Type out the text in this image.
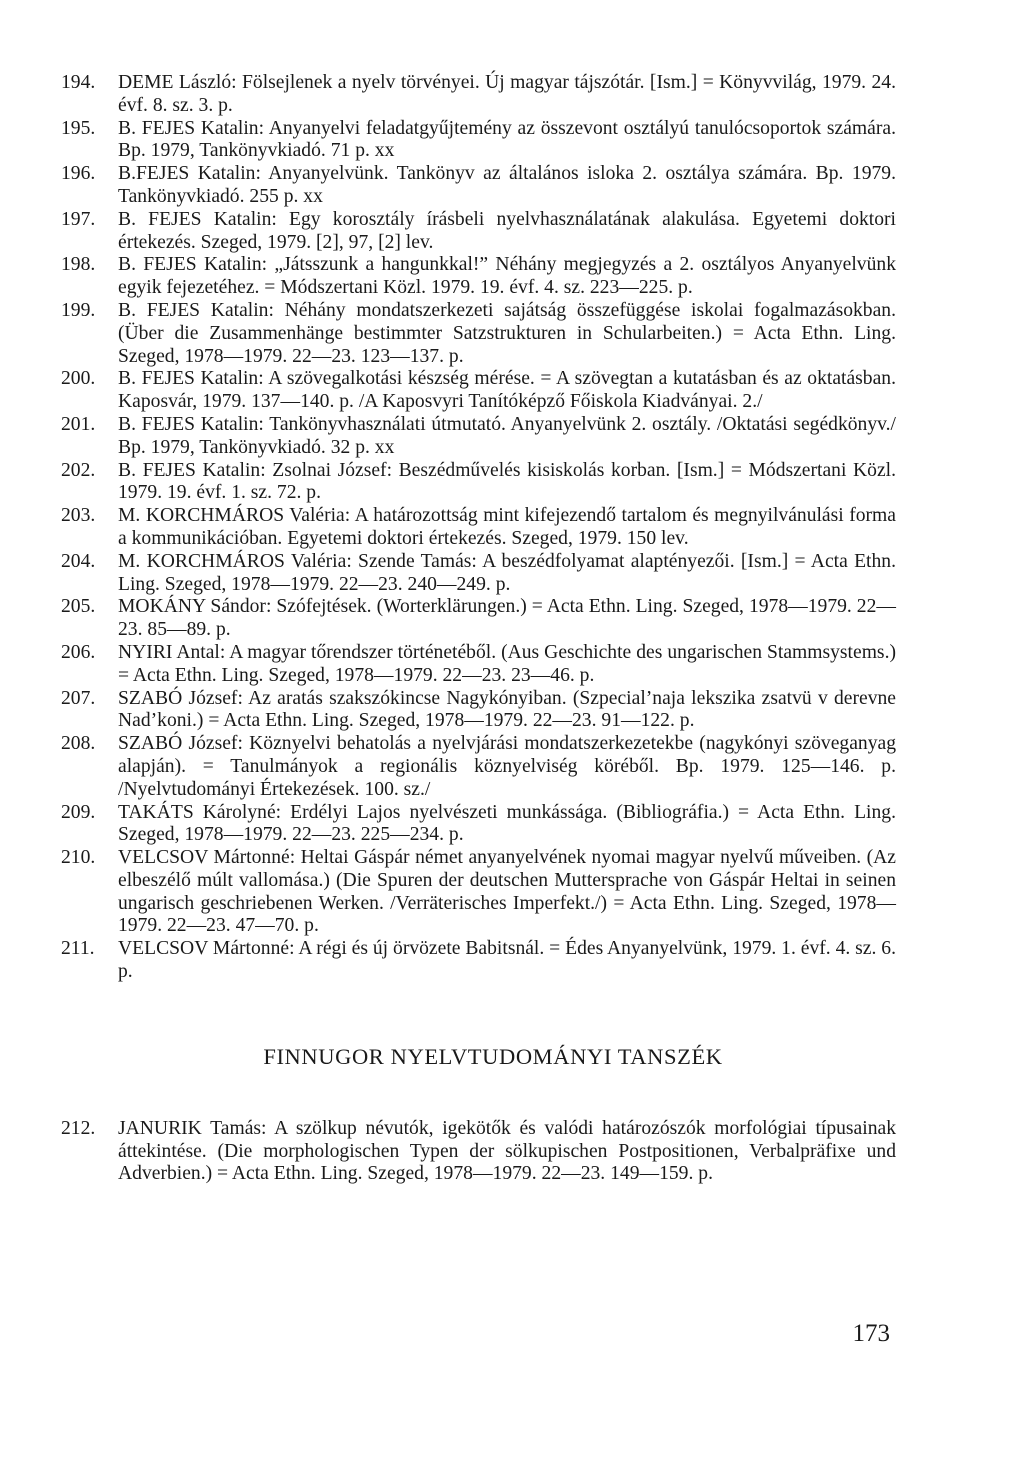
194.	DEME László: Fölsejlenek a nyelv törvényei. Új magyar tájszótár. [Ism.] = Könyvvilág, 1979. 24. évf. 8. sz. 3. p.

195.	B. FEJES Katalin: Anyanyelvi feladatgyűjtemény az összevont osztályú tanulócsoportok számára. Bp. 1979, Tankönyvkiadó. 71 p. xx

196.	B.FEJES Katalin: Anyanyelvünk. Tankönyv az általános isloka 2. osztálya számára. Bp. 1979. Tankönyvkiadó. 255 p. xx

197.	B. FEJES Katalin: Egy korosztály írásbeli nyelvhasználatának alakulása. Egyetemi doktori értekezés. Szeged, 1979. [2], 97, [2] lev.

198.	B. FEJES Katalin: „Játsszunk a hangunkkal!” Néhány megjegyzés a 2. osztályos Anyanyelvünk egyik fejezetéhez. = Módszertani Közl. 1979. 19. évf. 4. sz. 223—225. p.

199.	B. FEJES Katalin: Néhány mondatszerkezeti sajátság összefüggése iskolai fogalmazásokban. (Über die Zusammenhänge bestimmter Satzstrukturen in Schularbeiten.) = Acta Ethn. Ling. Szeged, 1978—1979. 22—23. 123—137. p.

200.	B. FEJES Katalin: A szövegalkotási készség mérése. = A szövegtan a kutatásban és az oktatásban. Kaposvár, 1979. 137—140. p. /A Kaposvyri Tanítóképző Főiskola Kiadványai. 2./

201.	B. FEJES Katalin: Tankönyvhasználati útmutató. Anyanyelvünk 2. osztály. /Oktatási segédkönyv./ Bp. 1979, Tankönyvkiadó. 32 p. xx

202.	B. FEJES Katalin: Zsolnai József: Beszédművelés kisiskolás korban. [Ism.] = Módszertani Közl. 1979. 19. évf. 1. sz. 72. p.

203.	M. KORCHMÁROS Valéria: A határozottság mint kifejezendő tartalom és megnyilvánulási forma a kommunikációban. Egyetemi doktori értekezés. Szeged, 1979. 150 lev.

204.	M. KORCHMÁROS Valéria: Szende Tamás: A beszédfolyamat alaptényezői. [Ism.] = Acta Ethn. Ling. Szeged, 1978—1979. 22—23. 240—249. p.

205.	MOKÁNY Sándor: Szófejtések. (Worterklärungen.) = Acta Ethn. Ling. Szeged, 1978—1979. 22—23. 85—89. p.

206.	NYIRI Antal: A magyar tőrendszer történetéből. (Aus Geschichte des ungarischen Stammsystems.) = Acta Ethn. Ling. Szeged, 1978—1979. 22—23. 23—46. p.

207.	SZABÓ József: Az aratás szakszókincse Nagykónyiban. (Szpecial’naja lekszika zsatvü v derevne Nad’koni.) = Acta Ethn. Ling. Szeged, 1978—1979. 22—23. 91—122. p.

208.	SZABÓ József: Köznyelvi behatolás a nyelvjárási mondatszerkezetekbe (nagykónyi szöveganyag alapján). = Tanulmányok a regionális köznyelviség köréből. Bp. 1979. 125—146. p. /Nyelvtudományi Értekezések. 100. sz./

209.	TAKÁTS Károlyné: Erdélyi Lajos nyelvészeti munkássága. (Bibliográfia.) = Acta Ethn. Ling. Szeged, 1978—1979. 22—23. 225—234. p.

210.	VELCSOV Mártonné: Heltai Gáspár német anyanyelvének nyomai magyar nyelvű műveiben. (Az elbeszélő múlt vallomása.) (Die Spuren der deutschen Muttersprache von Gáspár Heltai in seinen ungarisch geschriebenen Werken. /Verräterisches Imperfekt./) = Acta Ethn. Ling. Szeged, 1978—1979. 22—23. 47—70. p.

211.	VELCSOV Mártonné: A régi és új örvözete Babitsnál. = Édes Anyanyelvünk, 1979. 1. évf. 4. sz. 6. p.

FINNUGOR NYELVTUDOMÁNYI TANSZÉK

212.	JANURIK Tamás: A szölkup névutók, igekötők és valódi határozószók morfológiai típusainak áttekintése. (Die morphologischen Typen der sölkupischen Postpositionen, Verbalpräfixe und Adverbien.) = Acta Ethn. Ling. Szeged, 1978—1979. 22—23. 149—159. p.

173
